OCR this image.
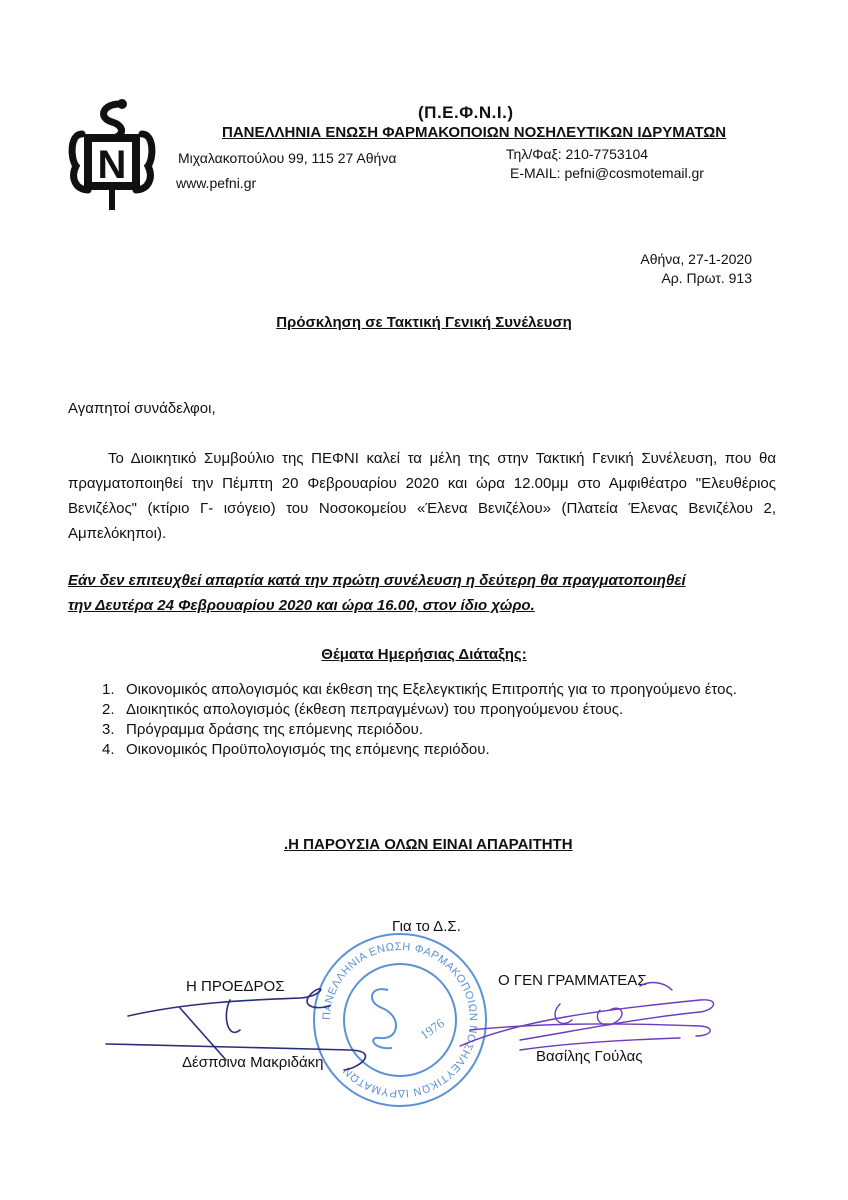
N
(Π.Ε.Φ.Ν.Ι.)
ΠΑΝΕΛΛΗΝΙΑ ΕΝΩΣΗ ΦΑΡΜΑΚΟΠΟΙΩΝ ΝΟΣΗΛΕΥΤΙΚΩΝ ΙΔΡΥΜΑΤΩΝ
Μιχαλακοπούλου 99, 115 27 Αθήνα
www.pefni.gr
Τηλ/Φαξ: 210-7753104
E-MAIL: pefni@cosmotemail.gr
Αθήνα, 27-1-2020
Αρ. Πρωτ. 913
Πρόσκληση σε Τακτική Γενική Συνέλευση
Αγαπητοί συνάδελφοι,

Το Διοικητικό Συμβούλιο της ΠΕΦΝΙ καλεί τα μέλη της στην Τακτική Γενική Συνέλευση, που θα πραγματοποιηθεί την Πέμπτη 20 Φεβρουαρίου 2020 και ώρα 12.00μμ στο Αμφιθέατρο "Ελευθέριος Βενιζέλος" (κτίριο Γ- ισόγειο) του Νοσοκομείου «Έλενα Βενιζέλου» (Πλατεία Έλενας Βενιζέλου 2, Αμπελόκηποι).

Εάν δεν επιτευχθεί απαρτία κατά την πρώτη συνέλευση η δεύτερη θα πραγματοποιηθεί
την Δευτέρα 24 Φεβρουαρίου 2020 και ώρα 16.00, στον ίδιο χώρο.
Θέματα Ημερήσιας Διάταξης:
1. Οικονομικός απολογισμός και έκθεση της Εξελεγκτικής Επιτροπής για το προηγούμενο έτος.
2. Διοικητικός απολογισμός (έκθεση πεπραγμένων) του προηγούμενου έτους.
3. Πρόγραμμα δράσης της επόμενης περιόδου.
4. Οικονομικός Προϋπολογισμός της επόμενης περιόδου.
.Η ΠΑΡΟΥΣΙΑ ΟΛΩΝ ΕΙΝΑΙ ΑΠΑΡΑΙΤΗΤΗ
ΠΑΝΕΛΛΗΝΙΑ ΕΝΩΣΗ ΦΑΡΜΑΚΟΠΟΙΩΝ ΝΟΣΗΛΕΥΤΙΚΩΝ ΙΔΡΥΜΑΤΩΝ
1976
Για το Δ.Σ.
Η ΠΡΟΕΔΡΟΣ	Ο ΓΕΝ ΓΡΑΜΜΑΤΕΑΣ
Δέσποινα Μακριδάκη	Βασίλης Γούλας
